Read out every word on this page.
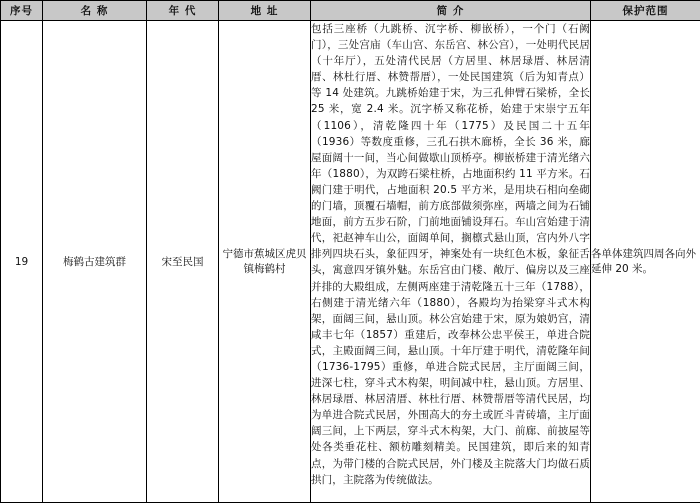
序号	名 称	年 代	地 址	简 介	保护范围
19	梅鹤古建筑群	宋至民国	宁德市蕉城区虎贝镇梅鹤村	包括三座桥（九跳桥、沉字桥、柳嵌桥），一个门（石阙门），三处宫庙（车山宫、东岳宫、林公宫），一处明代民居（十年厅），五处清代民居（方居里、林居琭厝、林居清厝、林杜行厝、林赞帮厝），一处民国建筑（后为知青点）等 14 处建筑。九跳桥始建于宋，为三孔伸臂石梁桥，全长 25 米，宽 2.4 米。沉字桥又称花桥，始建于宋崇宁五年（1106），清乾隆四十年（1775）及民国二十五年（1936）等数度重修，三孔石拱木廊桥，全长 36 米，廊屋面阔十一间，当心间做歇山顶桥亭。柳嵌桥建于清光绪六年（1880），为双跨石梁柱桥，占地面积约 11 平方米。石阙门建于明代，占地面积 20.5 平方米，是用块石相向垒砌的门墙，顶覆石墙帽，前方底部做须弥座，两墙之间为石铺地面，前方五步石阶，门前地面铺设拜石。车山宫始建于清代，祀赵神车山公，面阔单间，搁檩式悬山顶，宫内外八字排列四块石头，象征四牙，神案处有一块红色木板，象征舌头，寓意四牙镇外魅。东岳宫由门楼、敞厅、偏房以及三座并排的大殿组成，左侧两座建于清乾隆五十三年（1788），右侧建于清光绪六年（1880），各殿均为抬梁穿斗式木构架，面阔三间，悬山顶。林公宫始建于宋，原为娘奶宫，清咸丰七年（1857）重建后，改奉林公忠平侯王，单进合院式，主殿面阔三间，悬山顶。十年厅建于明代，清乾隆年间（1736-1795）重修，单进合院式民居，主厅面阔三间，进深七柱，穿斗式木构架，明间减中柱，悬山顶。方居里、林居琭厝、林居清厝、林杜行厝、林赞帮厝等清代民居，均为单进合院式民居，外围高大的夯土或匠斗青砖墙，主厅面阔三间，上下两层，穿斗式木构架，大门、前廊、前披屋等处各类垂花柱、额枋雕刻精美。民国建筑，即后来的知青点，为带门楼的合院式民居，外门楼及主院落大门均做石质拱门，主院落为传统做法。	各单体建筑四周各向外延伸 20 米。
